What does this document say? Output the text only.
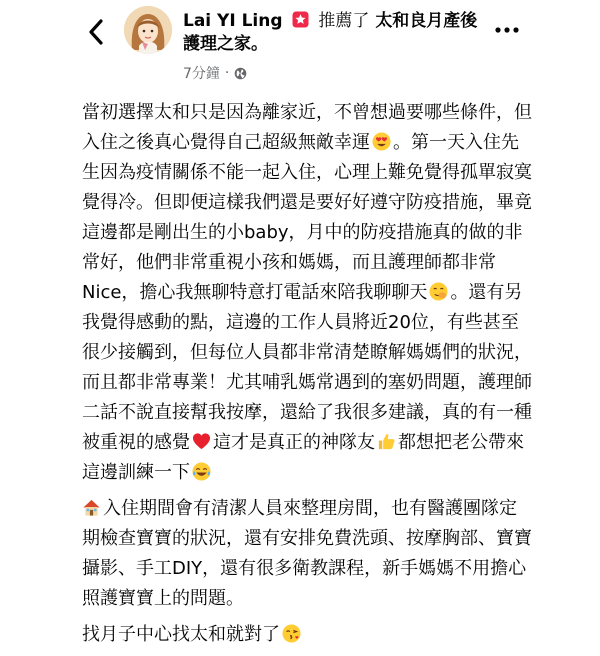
Lai YI Ling 推薦了 太和良月產後護理之家。
7分鐘 ·

當初選擇太和只是因為離家近，不曾想過要哪些條件，但入住之後真心覺得自己超級無敵幸運 。第一天入住先生因為疫情關係不能一起入住，心理上難免覺得孤單寂寞覺得冷。但即便這樣我們還是要好好遵守防疫措施，畢竟這邊都是剛出生的小baby，月中的防疫措施真的做的非常好，他們非常重視小孩和媽媽，而且護理師都非常Nice，擔心我無聊特意打電話來陪我聊聊天 。還有另我覺得感動的點，這邊的工作人員將近20位，有些甚至很少接觸到，但每位人員都非常清楚瞭解媽媽們的狀況，而且都非常專業！尤其哺乳媽常遇到的塞奶問題，護理師二話不說直接幫我按摩，還給了我很多建議，真的有一種被重視的感覺 這才是真正的神隊友 都想把老公帶來這邊訓練一下

入住期間會有清潔人員來整理房間，也有醫護團隊定期檢查寶寶的狀況，還有安排免費洗頭、按摩胸部、寶寶攝影、手工DIY，還有很多衛教課程，新手媽媽不用擔心照護寶寶上的問題。

找月子中心找太和就對了
